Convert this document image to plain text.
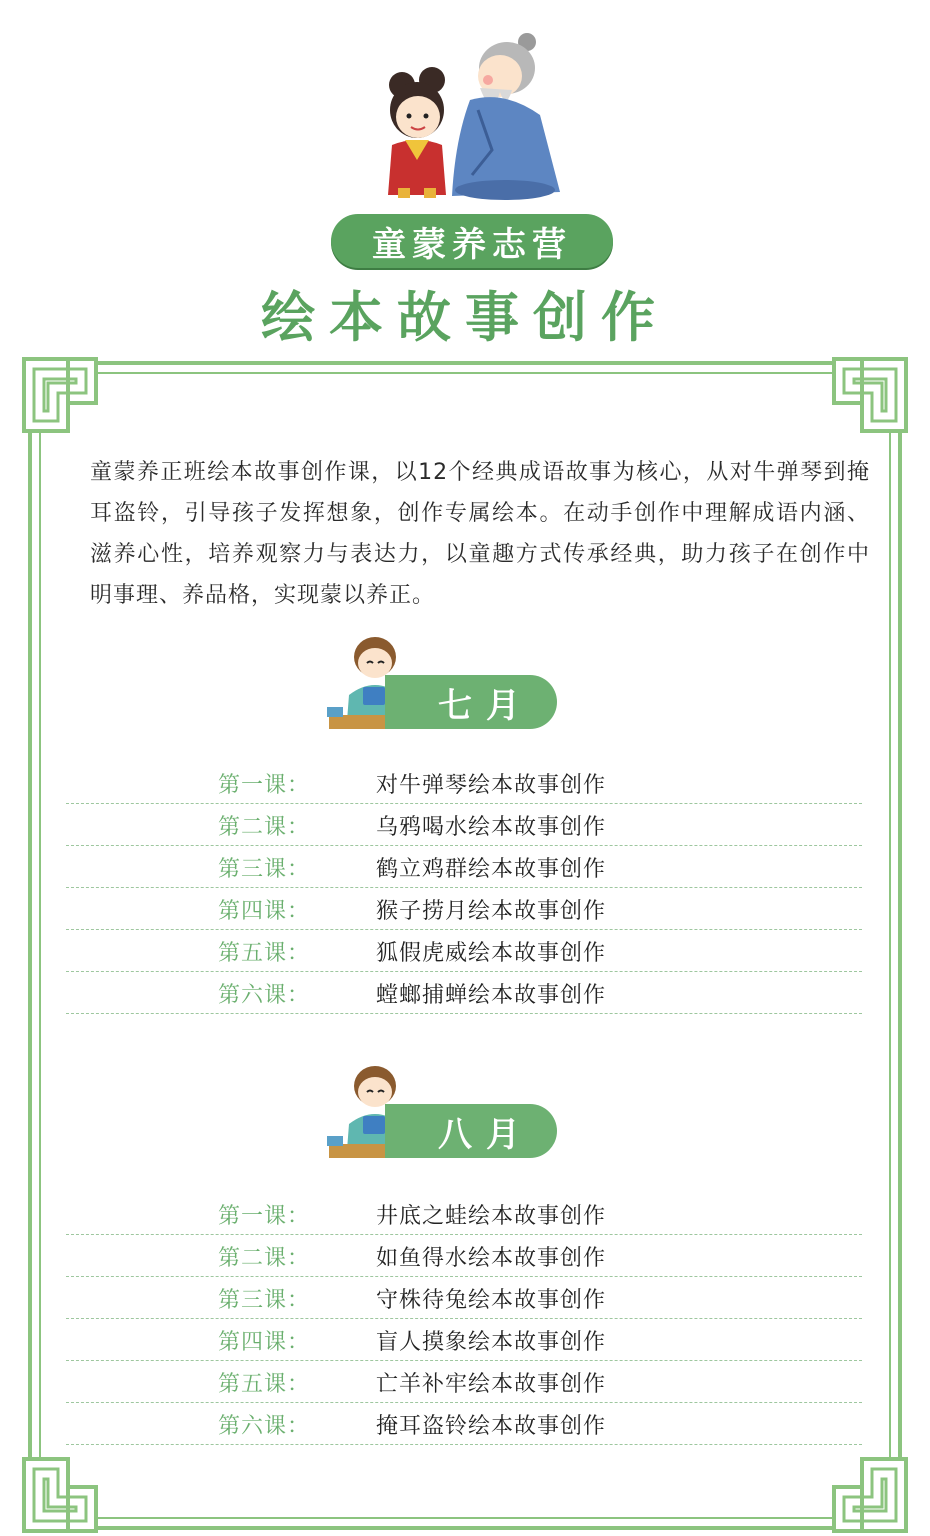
童蒙养志营
绘本故事创作
童蒙养正班绘本故事创作课，以12个经典成语故事为核心，从对牛弹琴到掩耳盗铃，引导孩子发挥想象，创作专属绘本。在动手创作中理解成语内涵、滋养心性，培养观察力与表达力，以童趣方式传承经典，助力孩子在创作中明事理、养品格，实现蒙以养正。
七月
第一课：	对牛弹琴绘本故事创作
第二课：	乌鸦喝水绘本故事创作
第三课：	鹤立鸡群绘本故事创作
第四课：	猴子捞月绘本故事创作
第五课：	狐假虎威绘本故事创作
第六课：	螳螂捕蝉绘本故事创作
八月
第一课：	井底之蛙绘本故事创作
第二课：	如鱼得水绘本故事创作
第三课：	守株待兔绘本故事创作
第四课：	盲人摸象绘本故事创作
第五课：	亡羊补牢绘本故事创作
第六课：	掩耳盗铃绘本故事创作
